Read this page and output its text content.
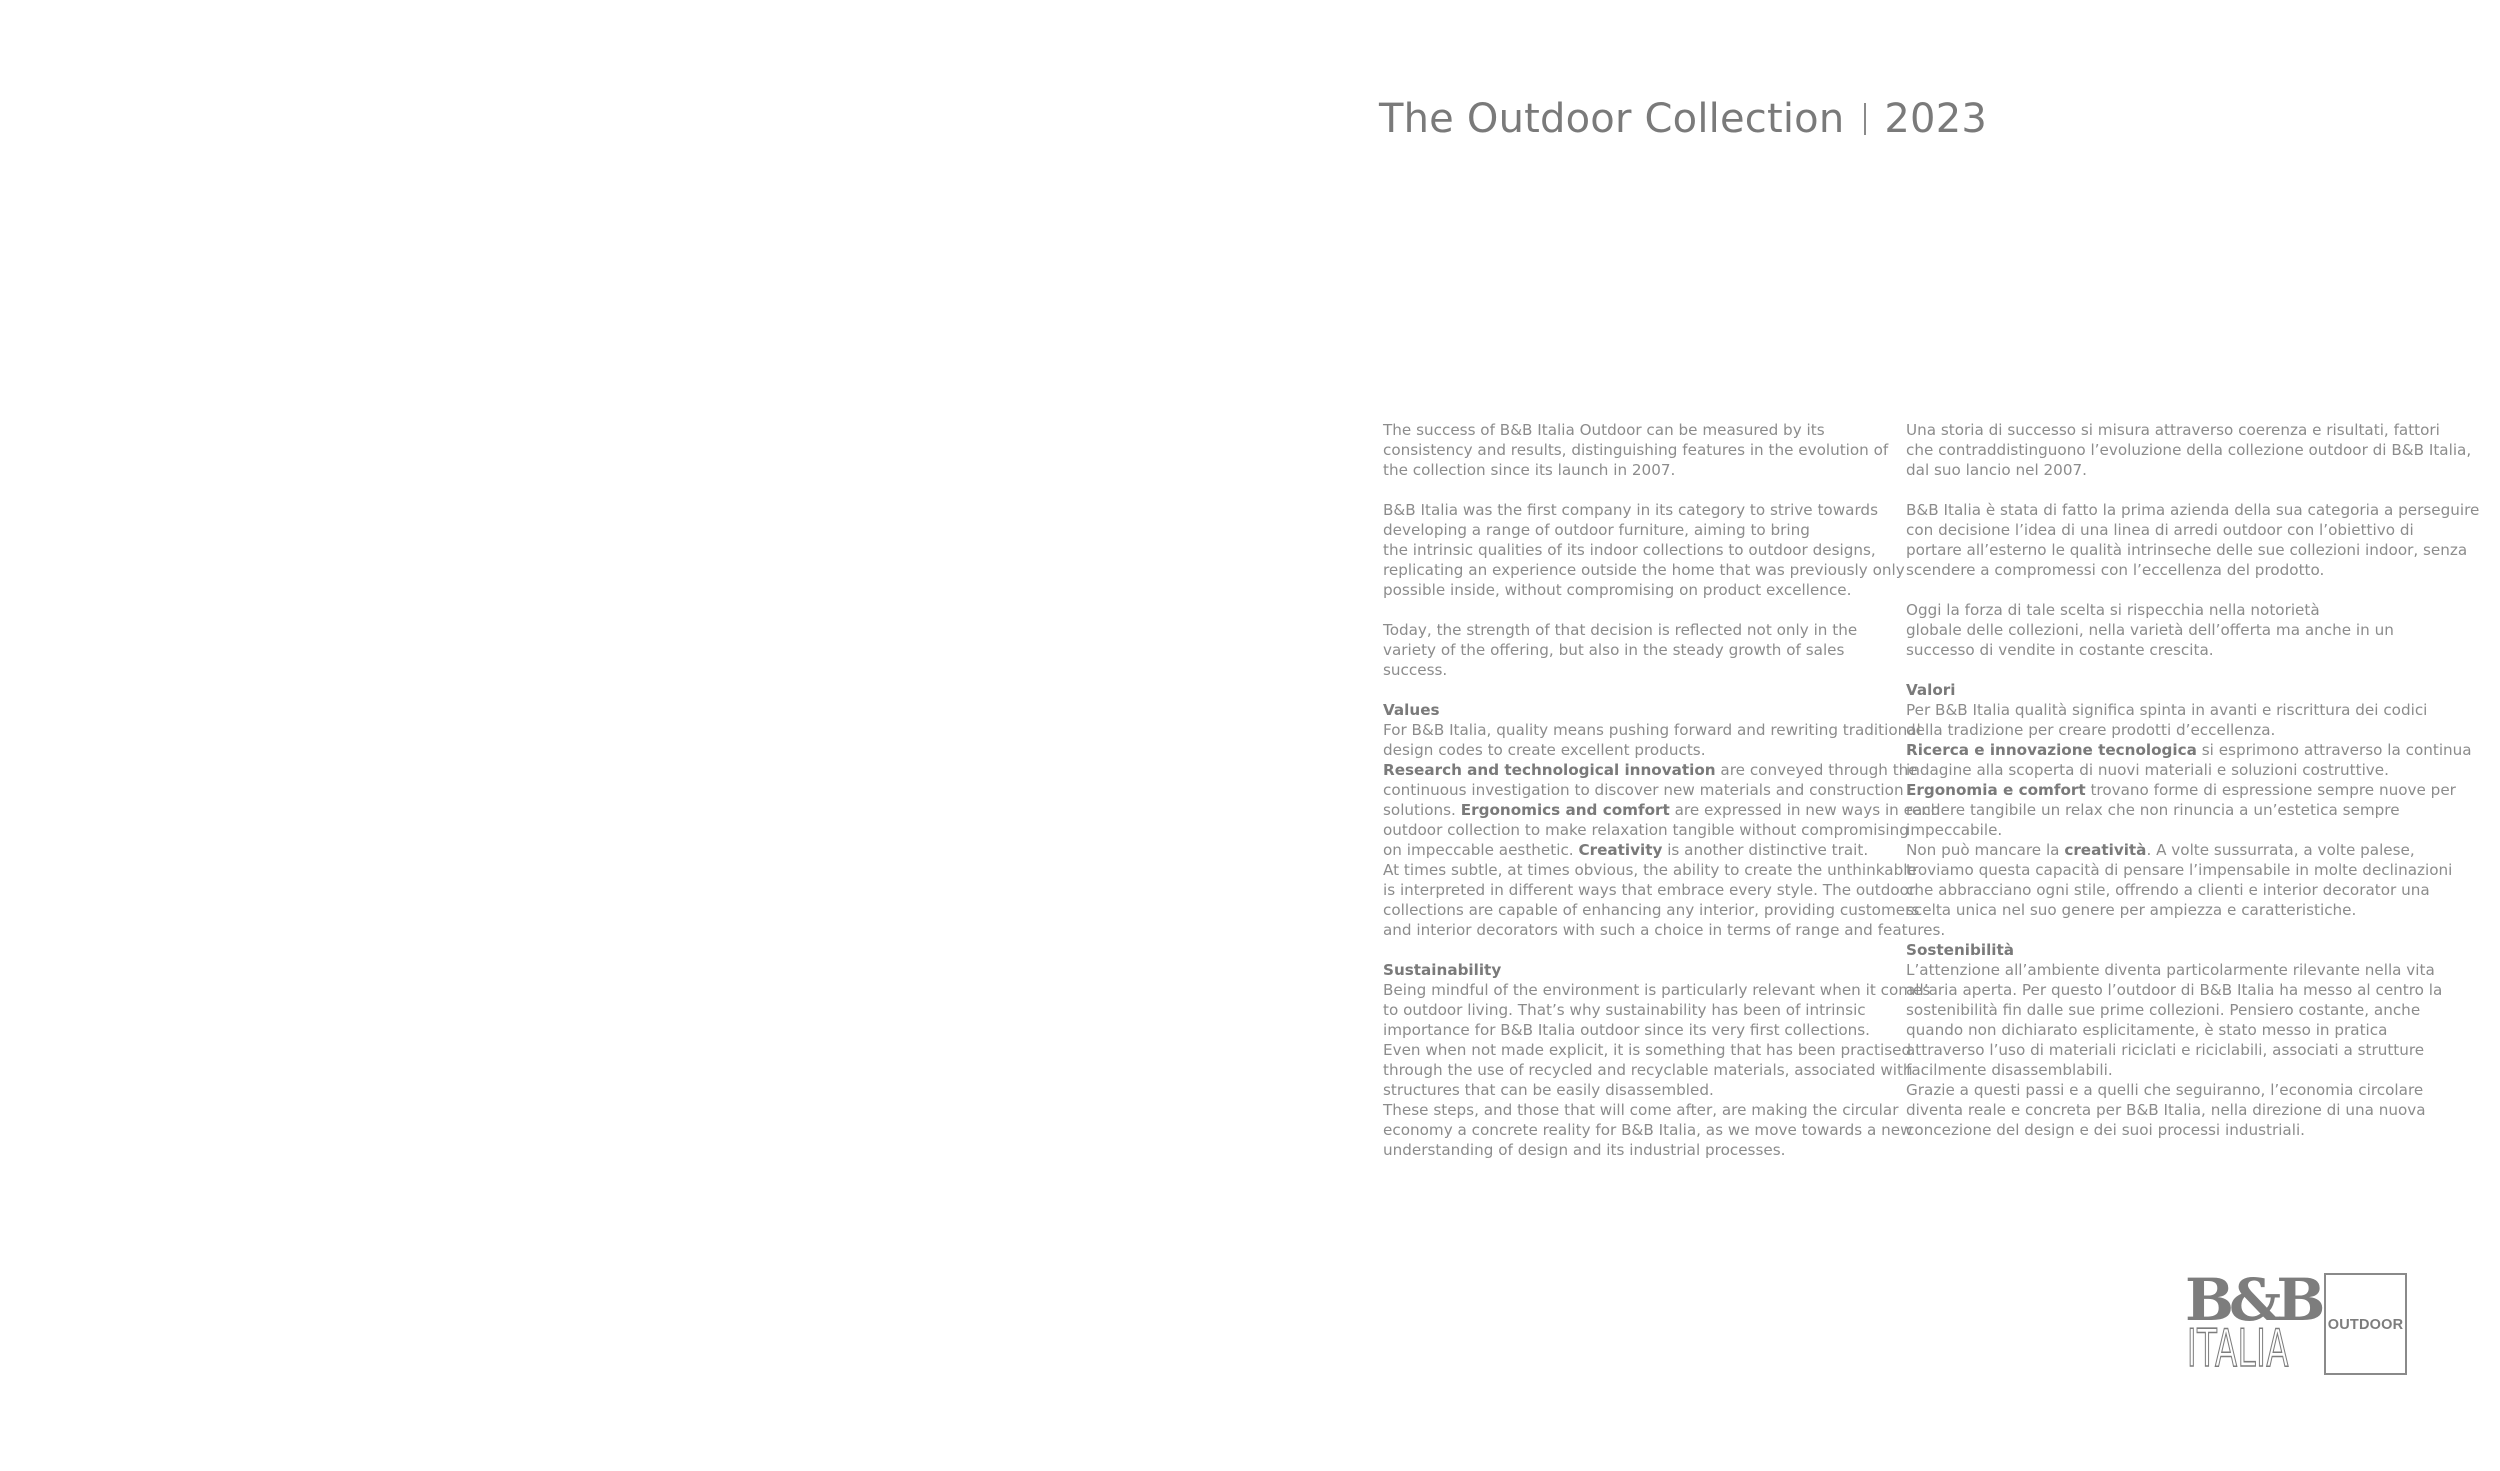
The Outdoor Collection 2023

The success of B&B Italia Outdoor can be measured by its
consistency and results, distinguishing features in the evolution of
the collection since its launch in 2007.

B&B Italia was the first company in its category to strive towards
developing a range of outdoor furniture, aiming to bring
the intrinsic qualities of its indoor collections to outdoor designs,
replicating an experience outside the home that was previously only
possible inside, without compromising on product excellence.

Today, the strength of that decision is reflected not only in the
variety of the offering, but also in the steady growth of sales
success.

Values
For B&B Italia, quality means pushing forward and rewriting traditional
design codes to create excellent products.
Research and technological innovation are conveyed through the
continuous investigation to discover new materials and construction
solutions. Ergonomics and comfort are expressed in new ways in each
outdoor collection to make relaxation tangible without compromising
on impeccable aesthetic. Creativity is another distinctive trait.
At times subtle, at times obvious, the ability to create the unthinkable
is interpreted in different ways that embrace every style. The outdoor
collections are capable of enhancing any interior, providing customers
and interior decorators with such a choice in terms of range and features.

Sustainability
Being mindful of the environment is particularly relevant when it comes
to outdoor living. That’s why sustainability has been of intrinsic
importance for B&B Italia outdoor since its very first collections.
Even when not made explicit, it is something that has been practised
through the use of recycled and recyclable materials, associated with
structures that can be easily disassembled.
These steps, and those that will come after, are making the circular
economy a concrete reality for B&B Italia, as we move towards a new
understanding of design and its industrial processes.

Una storia di successo si misura attraverso coerenza e risultati, fattori
che contraddistinguono l’evoluzione della collezione outdoor di B&B Italia,
dal suo lancio nel 2007.

B&B Italia è stata di fatto la prima azienda della sua categoria a perseguire
con decisione l’idea di una linea di arredi outdoor con l’obiettivo di
portare all’esterno le qualità intrinseche delle sue collezioni indoor, senza
scendere a compromessi con l’eccellenza del prodotto.

Oggi la forza di tale scelta si rispecchia nella notorietà
globale delle collezioni, nella varietà dell’offerta ma anche in un
successo di vendite in costante crescita.

Valori
Per B&B Italia qualità significa spinta in avanti e riscrittura dei codici
della tradizione per creare prodotti d’eccellenza.
Ricerca e innovazione tecnologica si esprimono attraverso la continua
indagine alla scoperta di nuovi materiali e soluzioni costruttive.
Ergonomia e comfort trovano forme di espressione sempre nuove per
rendere tangibile un relax che non rinuncia a un’estetica sempre
impeccabile.
Non può mancare la creatività. A volte sussurrata, a volte palese,
troviamo questa capacità di pensare l’impensabile in molte declinazioni
che abbracciano ogni stile, offrendo a clienti e interior decorator una
scelta unica nel suo genere per ampiezza e caratteristiche.

Sostenibilità
L’attenzione all’ambiente diventa particolarmente rilevante nella vita
all’aria aperta. Per questo l’outdoor di B&B Italia ha messo al centro la
sostenibilità fin dalle sue prime collezioni. Pensiero costante, anche
quando non dichiarato esplicitamente, è stato messo in pratica
attraverso l’uso di materiali riciclati e riciclabili, associati a strutture
facilmente disassemblabili.
Grazie a questi passi e a quelli che seguiranno, l’economia circolare
diventa reale e concreta per B&B Italia, nella direzione di una nuova
concezione del design e dei suoi processi industriali.

B&B
ITALIA	OUTDOOR
